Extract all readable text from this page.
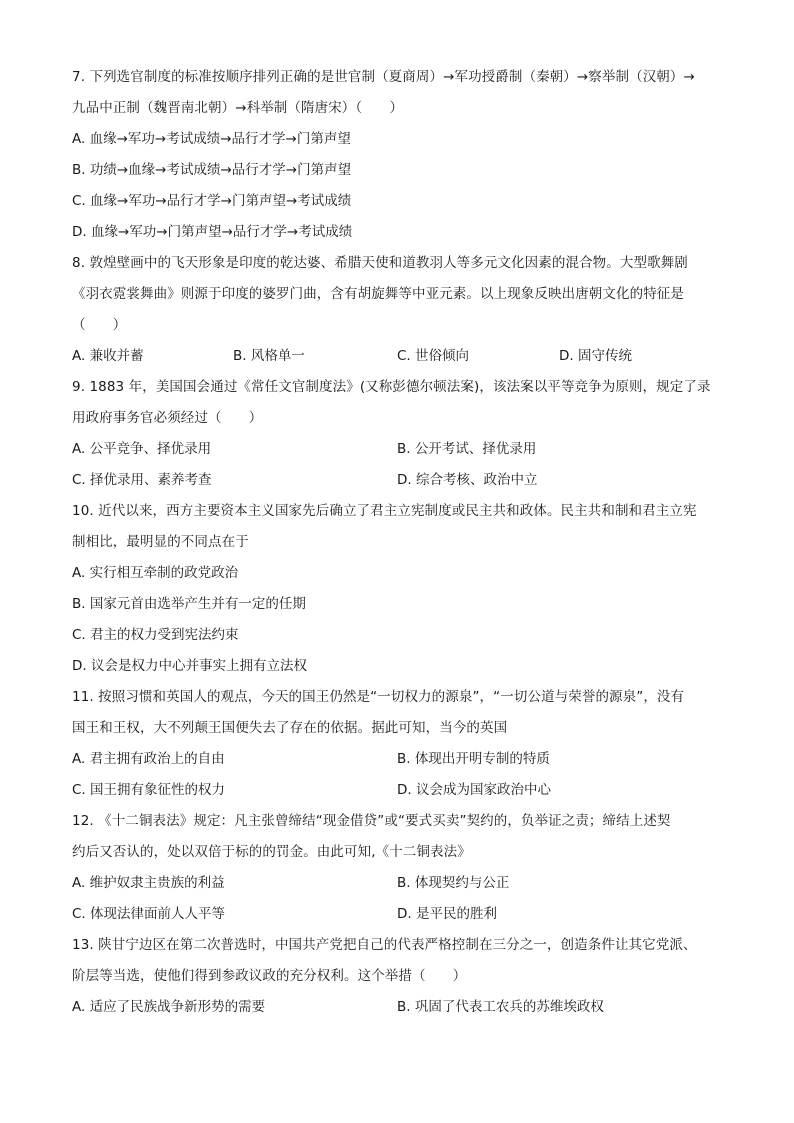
7. 下列选官制度的标准按顺序排列正确的是世官制（夏商周）→军功授爵制（秦朝）→察举制（汉朝）→
九品中正制（魏晋南北朝）→科举制（隋唐宋）（　　）
A. 血缘→军功→考试成绩→品行才学→门第声望
B. 功绩→血缘→考试成绩→品行才学→门第声望
C. 血缘→军功→品行才学→门第声望→考试成绩
D. 血缘→军功→门第声望→品行才学→考试成绩
8. 敦煌壁画中的飞天形象是印度的乾达婆、希腊天使和道教羽人等多元文化因素的混合物。大型歌舞剧
《羽衣霓裳舞曲》则源于印度的婆罗门曲，含有胡旋舞等中亚元素。以上现象反映出唐朝文化的特征是
（　　）
A. 兼收并蓄	B. 风格单一	C. 世俗倾向	D. 固守传统
9. 1883 年，美国国会通过《常任文官制度法》(又称彭德尔顿法案)，该法案以平等竞争为原则，规定了录
用政府事务官必须经过（　　）
A. 公平竞争、择优录用	B. 公开考试、择优录用
C. 择优录用、素养考查	D. 综合考核、政治中立
10. 近代以来，西方主要资本主义国家先后确立了君主立宪制度或民主共和政体。民主共和制和君主立宪
制相比，最明显的不同点在于
A. 实行相互牵制的政党政治
B. 国家元首由选举产生并有一定的任期
C. 君主的权力受到宪法约束
D. 议会是权力中心并事实上拥有立法权
11. 按照习惯和英国人的观点，今天的国王仍然是“一切权力的源泉”，“一切公道与荣誉的源泉”，没有
国王和王权，大不列颠王国便失去了存在的依据。据此可知，当今的英国
A. 君主拥有政治上的自由	B. 体现出开明专制的特质
C. 国王拥有象征性的权力	D. 议会成为国家政治中心
12. 《十二铜表法》规定：凡主张曾缔结“现金借贷”或“要式买卖”契约的，负举证之责；缔结上述契
约后又否认的，处以双倍于标的的罚金。由此可知,《十二铜表法》
A. 维护奴隶主贵族的利益	B. 体现契约与公正
C. 体现法律面前人人平等	D. 是平民的胜利
13. 陕甘宁边区在第二次普选时，中国共产党把自己的代表严格控制在三分之一，创造条件让其它党派、
阶层等当选，使他们得到参政议政的充分权利。这个举措（　　）
A. 适应了民族战争新形势的需要	B. 巩固了代表工农兵的苏维埃政权
